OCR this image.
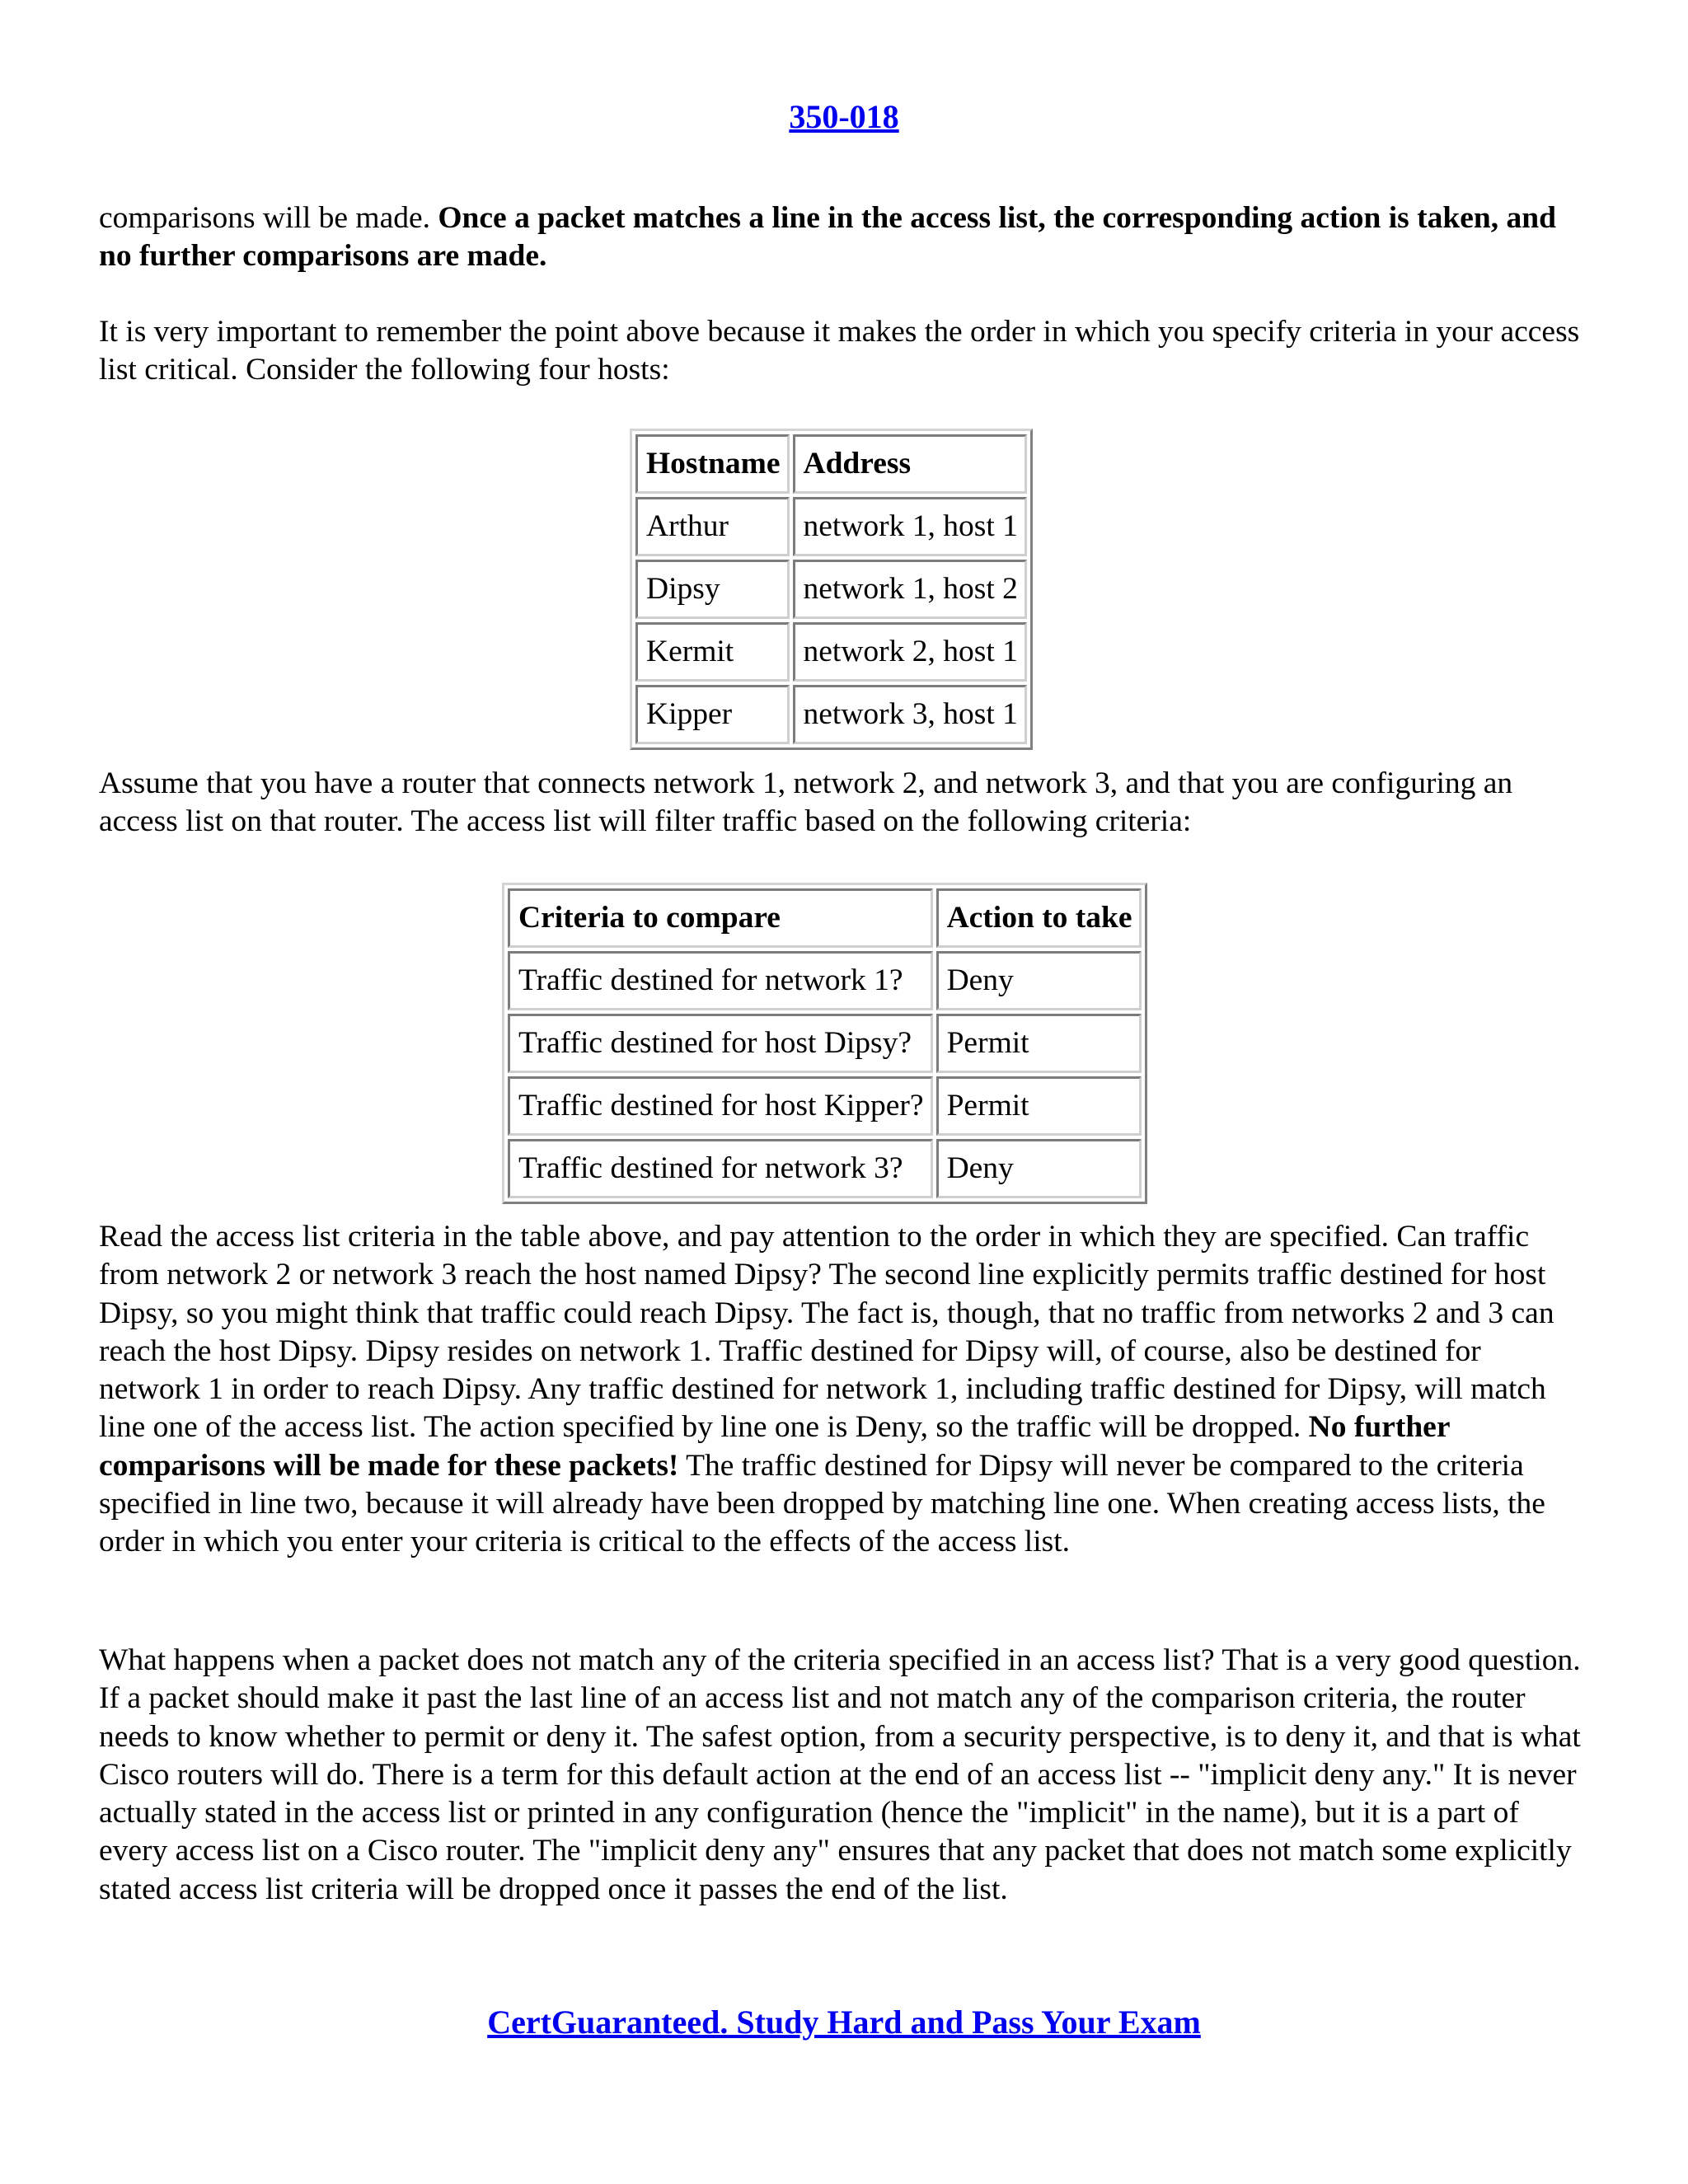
350-018

comparisons will be made. Once a packet matches a line in the access list, the corresponding action is taken, and no further comparisons are made.

It is very important to remember the point above because it makes the order in which you specify criteria in your access list critical. Consider the following four hosts:

Hostname	Address
Arthur	network 1, host 1
Dipsy	network 1, host 2
Kermit	network 2, host 1
Kipper	network 3, host 1

Assume that you have a router that connects network 1, network 2, and network 3, and that you are configuring an access list on that router. The access list will filter traffic based on the following criteria:

Criteria to compare	Action to take
Traffic destined for network 1?	Deny
Traffic destined for host Dipsy?	Permit
Traffic destined for host Kipper?	Permit
Traffic destined for network 3?	Deny

Read the access list criteria in the table above, and pay attention to the order in which they are specified. Can traffic from network 2 or network 3 reach the host named Dipsy? The second line explicitly permits traffic destined for host Dipsy, so you might think that traffic could reach Dipsy. The fact is, though, that no traffic from networks 2 and 3 can reach the host Dipsy. Dipsy resides on network 1. Traffic destined for Dipsy will, of course, also be destined for network 1 in order to reach Dipsy. Any traffic destined for network 1, including traffic destined for Dipsy, will match line one of the access list. The action specified by line one is Deny, so the traffic will be dropped. No further comparisons will be made for these packets! The traffic destined for Dipsy will never be compared to the criteria specified in line two, because it will already have been dropped by matching line one. When creating access lists, the order in which you enter your criteria is critical to the effects of the access list.

What happens when a packet does not match any of the criteria specified in an access list? That is a very good question. If a packet should make it past the last line of an access list and not match any of the comparison criteria, the router needs to know whether to permit or deny it. The safest option, from a security perspective, is to deny it, and that is what Cisco routers will do. There is a term for this default action at the end of an access list -- "implicit deny any." It is never actually stated in the access list or printed in any configuration (hence the "implicit" in the name), but it is a part of every access list on a Cisco router. The "implicit deny any" ensures that any packet that does not match some explicitly stated access list criteria will be dropped once it passes the end of the list.

CertGuaranteed. Study Hard and Pass Your Exam
